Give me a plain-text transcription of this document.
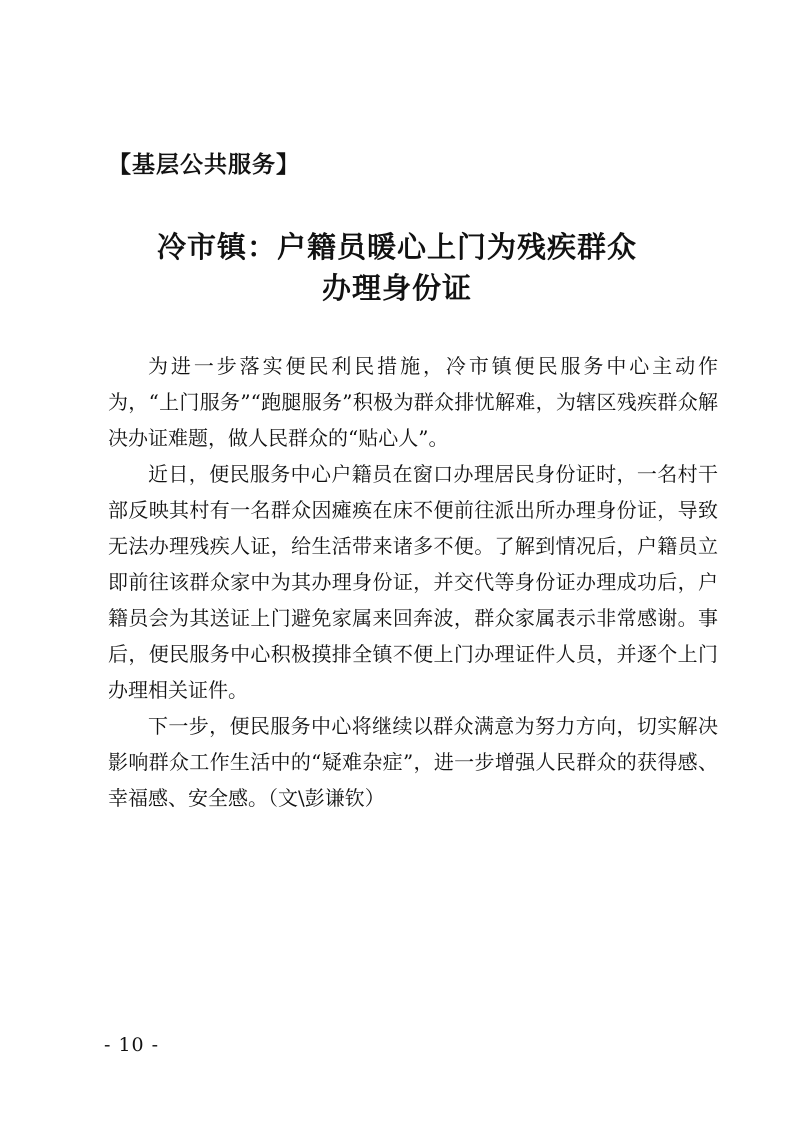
【基层公共服务】
冷市镇：户籍员暖心上门为残疾群众
办理身份证

为进一步落实便民利民措施，冷市镇便民服务中心主动作为，“上门服务”“跑腿服务”积极为群众排忧解难，为辖区残疾群众解决办证难题，做人民群众的“贴心人”。

近日，便民服务中心户籍员在窗口办理居民身份证时，一名村干部反映其村有一名群众因瘫痪在床不便前往派出所办理身份证，导致无法办理残疾人证，给生活带来诸多不便。了解到情况后，户籍员立即前往该群众家中为其办理身份证，并交代等身份证办理成功后，户籍员会为其送证上门避免家属来回奔波，群众家属表示非常感谢。事后，便民服务中心积极摸排全镇不便上门办理证件人员，并逐个上门办理相关证件。

下一步，便民服务中心将继续以群众满意为努力方向，切实解决影响群众工作生活中的“疑难杂症”，进一步增强人民群众的获得感、幸福感、安全感。（文\彭谦钦）

- 10 -
